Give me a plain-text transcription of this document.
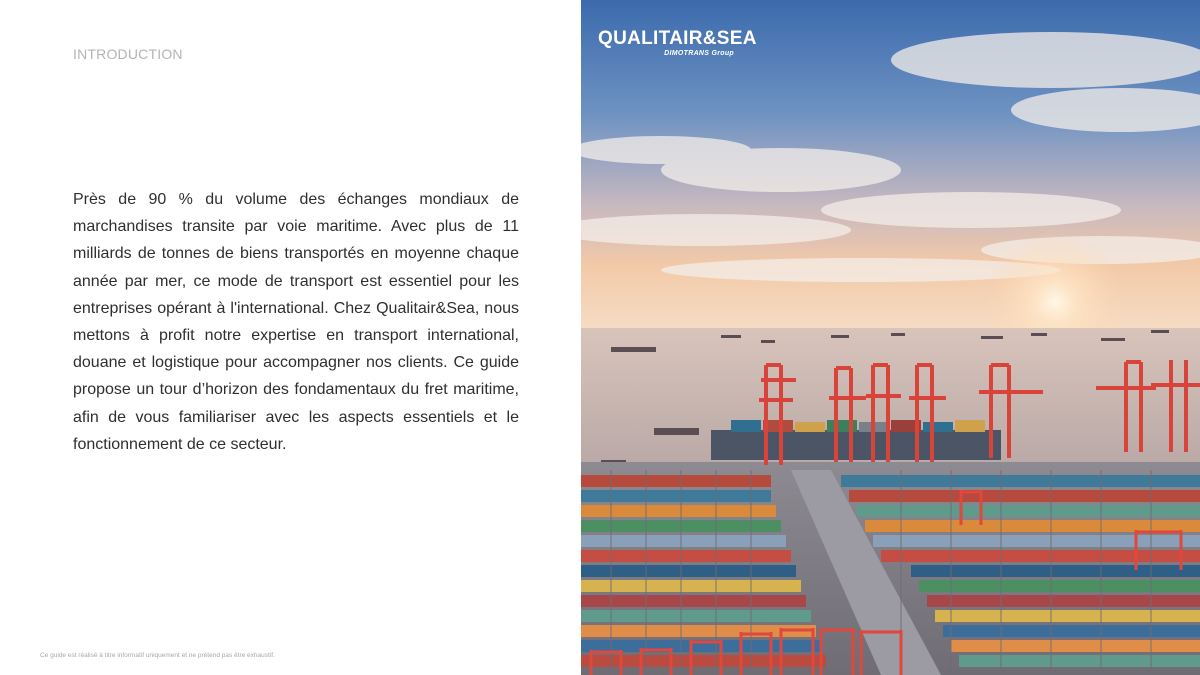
INTRODUCTION

Près de 90 % du volume des échanges mondiaux de marchandises transite par voie maritime. Avec plus de 11 milliards de tonnes de biens transportés en moyenne chaque année par mer, ce mode de transport est essentiel pour les entreprises opérant à l'international. Chez Qualitair&Sea, nous mettons à profit notre expertise en transport international, douane et logistique pour accompagner nos clients. Ce guide propose un tour d’horizon des fondamentaux du fret maritime, afin de vous familiariser avec les aspects essentiels et le fonctionnement de ce secteur.

Ce guide est réalisé à titre informatif uniquement et ne prétend pas être exhaustif.
QUALITAIR&SEA
DIMOTRANS Group
